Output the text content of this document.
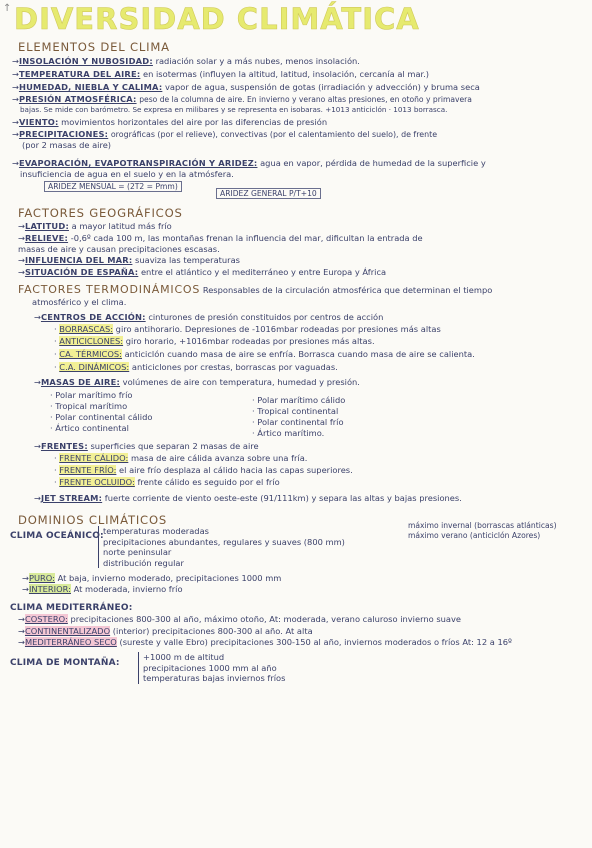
↑ DIVERSIDAD CLIMÁTICA
ELEMENTOS DEL CLIMA
→INSOLACIÓN Y NUBOSIDAD: radiación solar y a más nubes, menos insolación.
→TEMPERATURA DEL AIRE: en isotermas (influyen la altitud, latitud, insolación, cercanía al mar.)
→HUMEDAD, NIEBLA Y CALIMA: vapor de agua, suspensión de gotas (irradiación y advección) y bruma seca
→PRESIÓN ATMOSFÉRICA: peso de la columna de aire. En invierno y verano altas presiones, en otoño y primavera
bajas. Se mide con barómetro. Se expresa en milibares y se representa en isobaras. +1013 anticiclón · 1013 borrasca.
→VIENTO: movimientos horizontales del aire por las diferencias de presión
→PRECIPITACIONES: orográficas (por el relieve), convectivas (por el calentamiento del suelo), de frente
(por 2 masas de aire)
→EVAPORACIÓN, EVAPOTRANSPIRACIÓN Y ARIDEZ: agua en vapor, pérdida de humedad de la superficie y
insuficiencia de agua en el suelo y en la atmósfera.
ARIDEZ MENSUAL = (2T2 = Pmm)
ARIDEZ GENERAL P/T+10
FACTORES GEOGRÁFICOS
→LATITUD: a mayor latitud más frío
→RELIEVE: -0,6º cada 100 m, las montañas frenan la influencia del mar, dificultan la entrada de
masas de aire y causan precipitaciones escasas.
→INFLUENCIA DEL MAR: suaviza las temperaturas
→SITUACIÓN DE ESPAÑA: entre el atlántico y el mediterráneo y entre Europa y África
FACTORES TERMODINÁMICOS Responsables de la circulación atmosférica que determinan el tiempo
atmosférico y el clima.
→CENTROS DE ACCIÓN: cinturones de presión constituidos por centros de acción
· BORRASCAS: giro antihorario. Depresiones de -1016mbar rodeadas por presiones más altas
· ANTICICLONES: giro horario, +1016mbar rodeadas por presiones más altas.
· CA. TÉRMICOS: anticiclón cuando masa de aire se enfría. Borrasca cuando masa de aire se calienta.
· C.A. DINÁMICOS: anticiclones por crestas, borrascas por vaguadas.
→MASAS DE AIRE: volúmenes de aire con temperatura, humedad y presión.
· Polar marítimo frío
· Tropical marítimo
· Polar continental cálido
· Ártico continental
· Polar marítimo cálido
· Tropical continental
· Polar continental frío
· Ártico marítimo.
→FRENTES: superficies que separan 2 masas de aire
· FRENTE CÁLIDO: masa de aire cálida avanza sobre una fría.
· FRENTE FRÍO: el aire frío desplaza al cálido hacia las capas superiores.
· FRENTE OCLUIDO: frente cálido es seguido por el frío
→JET STREAM: fuerte corriente de viento oeste-este (91/111km) y separa las altas y bajas presiones.
DOMINIOS CLIMÁTICOS
CLIMA OCEÁNICO: temperaturas moderadas
precipitaciones abundantes, regulares y suaves (800 mm)
norte peninsular
distribución regular
máximo invernal (borrascas atlánticas)
máximo verano (anticiclón Azores)
→PURO: At baja, invierno moderado, precipitaciones 1000 mm
→INTERIOR: At moderada, invierno frío
CLIMA MEDITERRÁNEO:
→COSTERO: precipitaciones 800-300 al año, máximo otoño, At: moderada, verano caluroso invierno suave
→CONTINENTALIZADO (interior) precipitaciones 800-300 al año. At alta
→MEDITERRÁNEO SECO (sureste y valle Ebro) precipitaciones 300-150 al año, inviernos moderados o fríos At: 12 a 16º
CLIMA DE MONTAÑA:
+1000 m de altitud
precipitaciones 1000 mm al año
temperaturas bajas inviernos fríos
